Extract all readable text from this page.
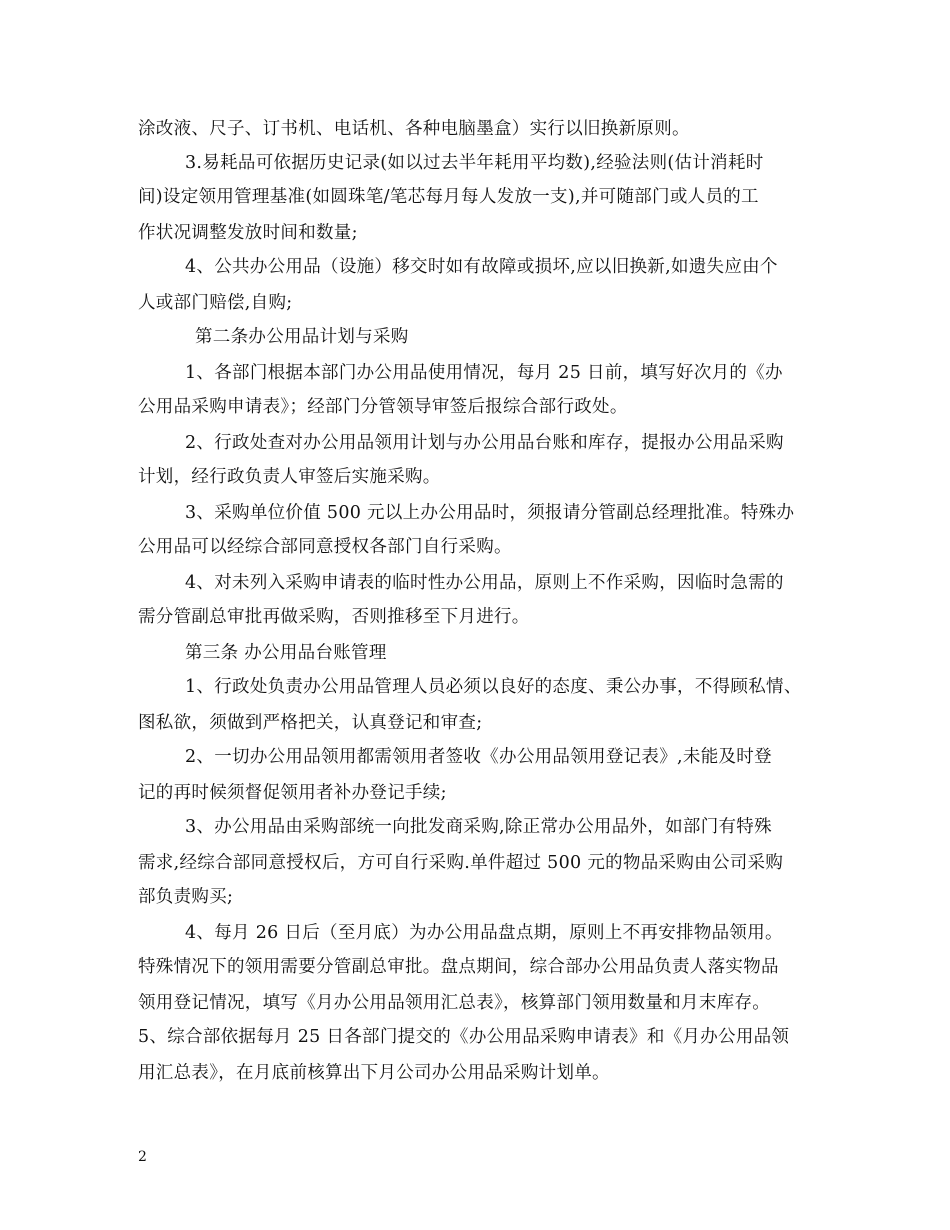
涂改液、尺子、订书机、电话机、各种电脑墨盒）实行以旧换新原则。
3.易耗品可依据历史记录(如以过去半年耗用平均数),经验法则(估计消耗时
间)设定领用管理基准(如圆珠笔/笔芯每月每人发放一支),并可随部门或人员的工
作状况调整发放时间和数量;
4、公共办公用品（设施）移交时如有故障或损坏,应以旧换新,如遗失应由个
人或部门赔偿,自购;
第二条办公用品计划与采购
1、各部门根据本部门办公用品使用情况，每月 25 日前，填写好次月的《办
公用品采购申请表》；经部门分管领导审签后报综合部行政处。
2、行政处查对办公用品领用计划与办公用品台账和库存，提报办公用品采购
计划，经行政负责人审签后实施采购。
3、采购单位价值 500 元以上办公用品时，须报请分管副总经理批准。特殊办
公用品可以经综合部同意授权各部门自行采购。
4、对未列入采购申请表的临时性办公用品，原则上不作采购，因临时急需的
需分管副总审批再做采购，否则推移至下月进行。
第三条 办公用品台账管理
1、行政处负责办公用品管理人员必须以良好的态度、秉公办事，不得顾私情、
图私欲，须做到严格把关，认真登记和审查;
2、一切办公用品领用都需领用者签收《办公用品领用登记表》,未能及时登
记的再时候须督促领用者补办登记手续;
3、办公用品由采购部统一向批发商采购,除正常办公用品外，如部门有特殊
需求,经综合部同意授权后，方可自行采购.单件超过 500 元的物品采购由公司采购
部负责购买;
4、每月 26 日后（至月底）为办公用品盘点期，原则上不再安排物品领用。
特殊情况下的领用需要分管副总审批。盘点期间，综合部办公用品负责人落实物品
领用登记情况，填写《月办公用品领用汇总表》，核算部门领用数量和月末库存。
5、综合部依据每月 25 日各部门提交的《办公用品采购申请表》和《月办公用品领
用汇总表》，在月底前核算出下月公司办公用品采购计划单。
2
